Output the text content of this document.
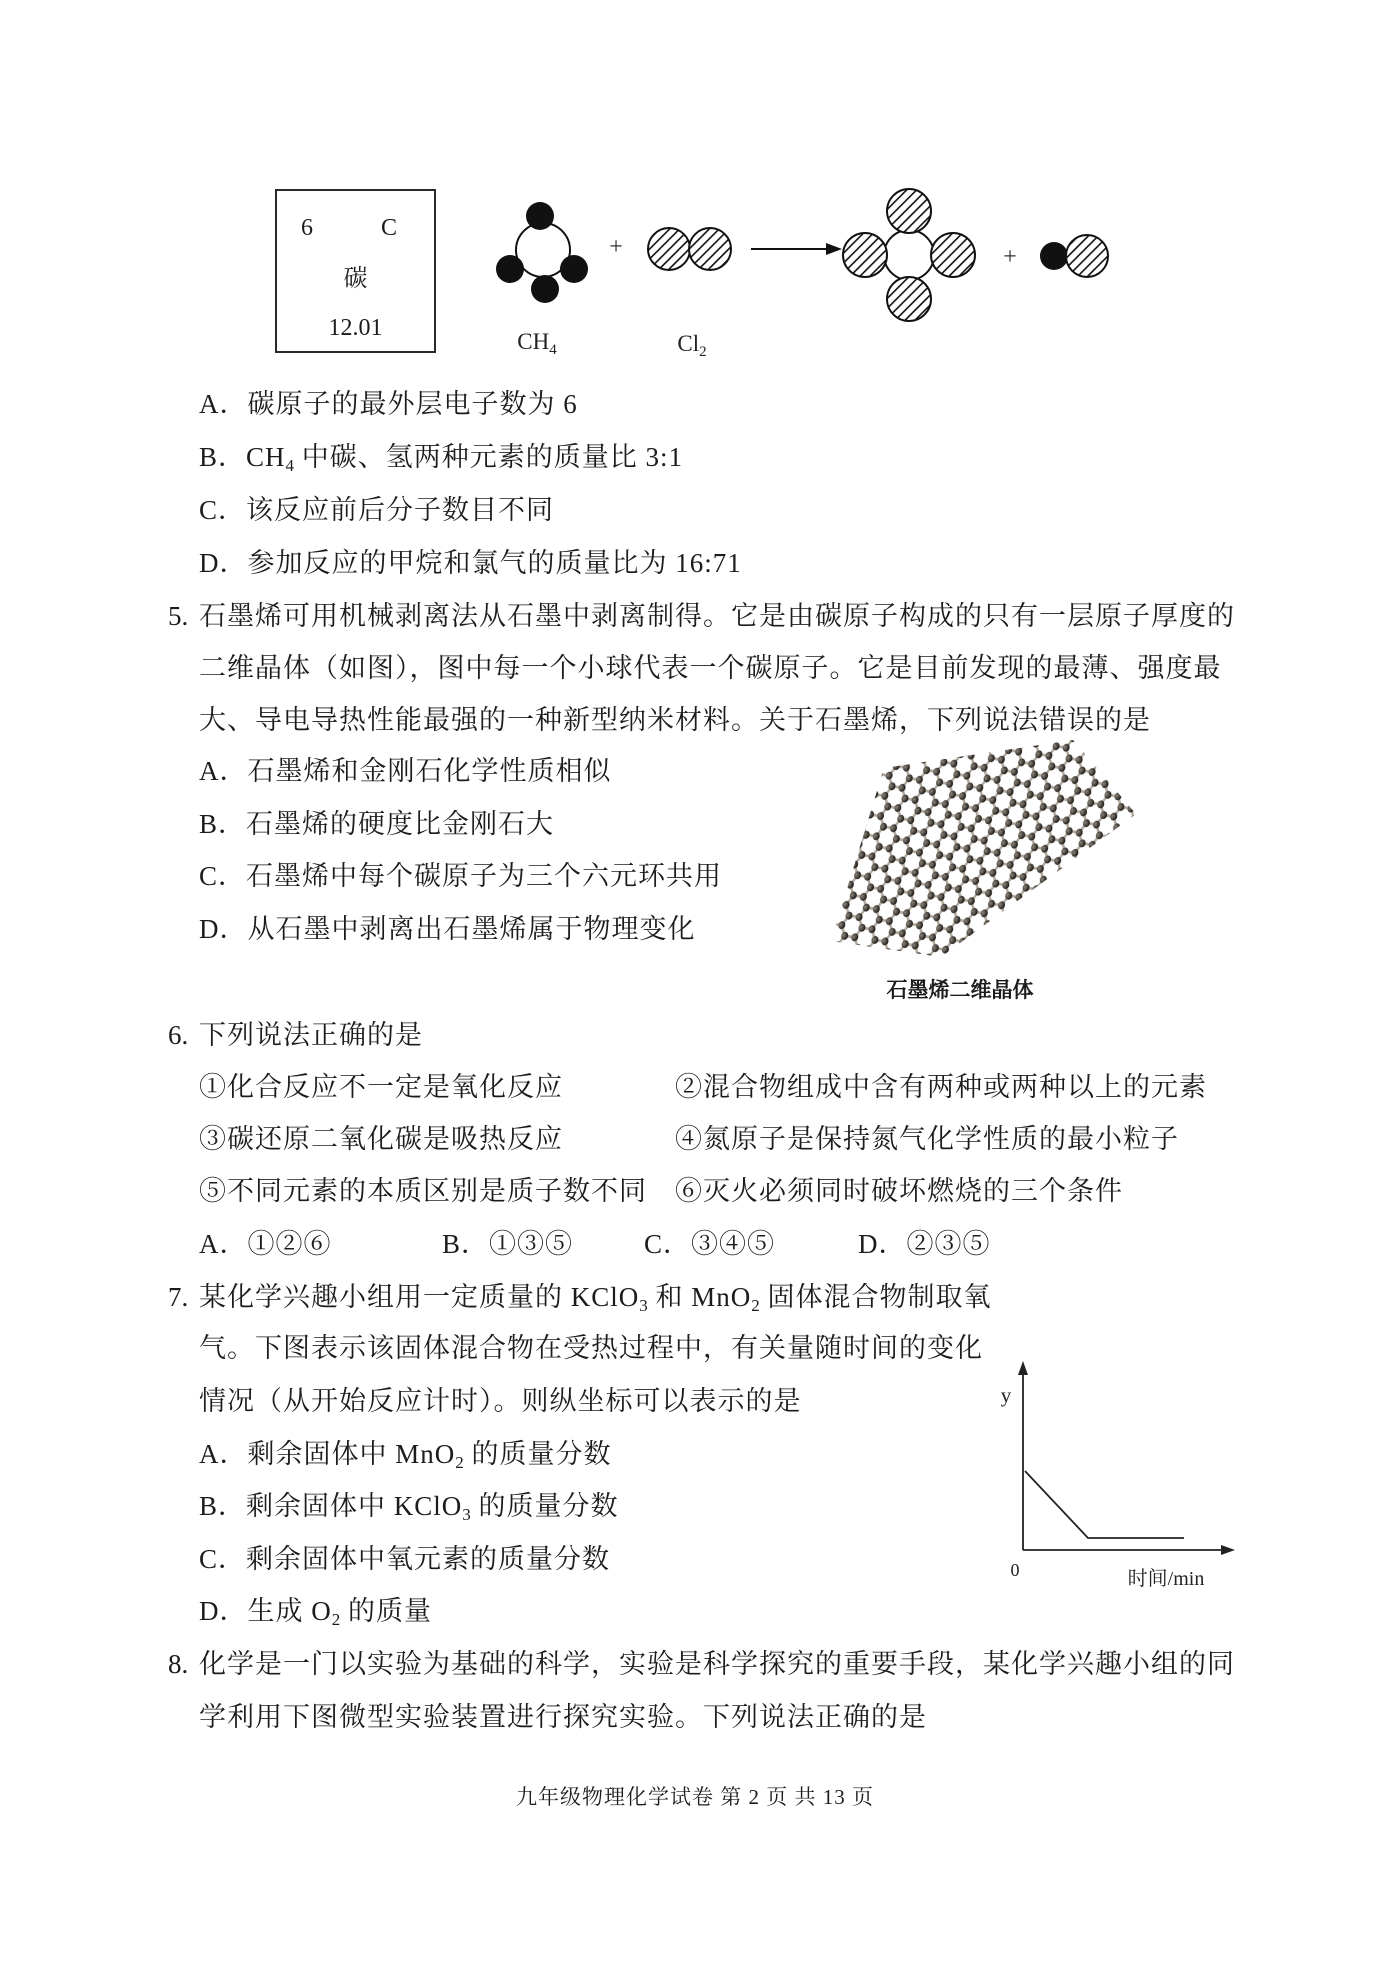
6	C
碳
12.01
+	+
$CH_4$	$Cl_2$
A．碳原子的最外层电子数为 6
B．$CH_4$ 中碳、氢两种元素的质量比 3:1
C．该反应前后分子数目不同
D．参加反应的甲烷和氯气的质量比为 16:71
5. 石墨烯可用机械剥离法从石墨中剥离制得。它是由碳原子构成的只有一层原子厚度的
二维晶体（如图），图中每一个小球代表一个碳原子。它是目前发现的最薄、强度最
大、导电导热性能最强的一种新型纳米材料。关于石墨烯，下列说法错误的是
A．石墨烯和金刚石化学性质相似
B．石墨烯的硬度比金刚石大
C．石墨烯中每个碳原子为三个六元环共用
D．从石墨中剥离出石墨烯属于物理变化
石墨烯二维晶体
6. 下列说法正确的是
①化合反应不一定是氧化反应	②混合物组成中含有两种或两种以上的元素
③碳还原二氧化碳是吸热反应	④氮原子是保持氮气化学性质的最小粒子
⑤不同元素的本质区别是质子数不同 ⑥灭火必须同时破坏燃烧的三个条件
A．①②⑥	B．①③⑤	C．③④⑤	D．②③⑤
7. 某化学兴趣小组用一定质量的 KClO$_3$ 和 MnO$_2$ 固体混合物制取氧
气。下图表示该固体混合物在受热过程中，有关量随时间的变化
情况（从开始反应计时）。则纵坐标可以表示的是
A．剩余固体中 MnO$_2$ 的质量分数
B．剩余固体中 KClO$_3$ 的质量分数
C．剩余固体中氧元素的质量分数
D．生成 $O_2$ 的质量
y
0	时间/min
8. 化学是一门以实验为基础的科学，实验是科学探究的重要手段，某化学兴趣小组的同
学利用下图微型实验装置进行探究实验。下列说法正确的是
九年级物理化学试卷 第 2 页 共 13 页
